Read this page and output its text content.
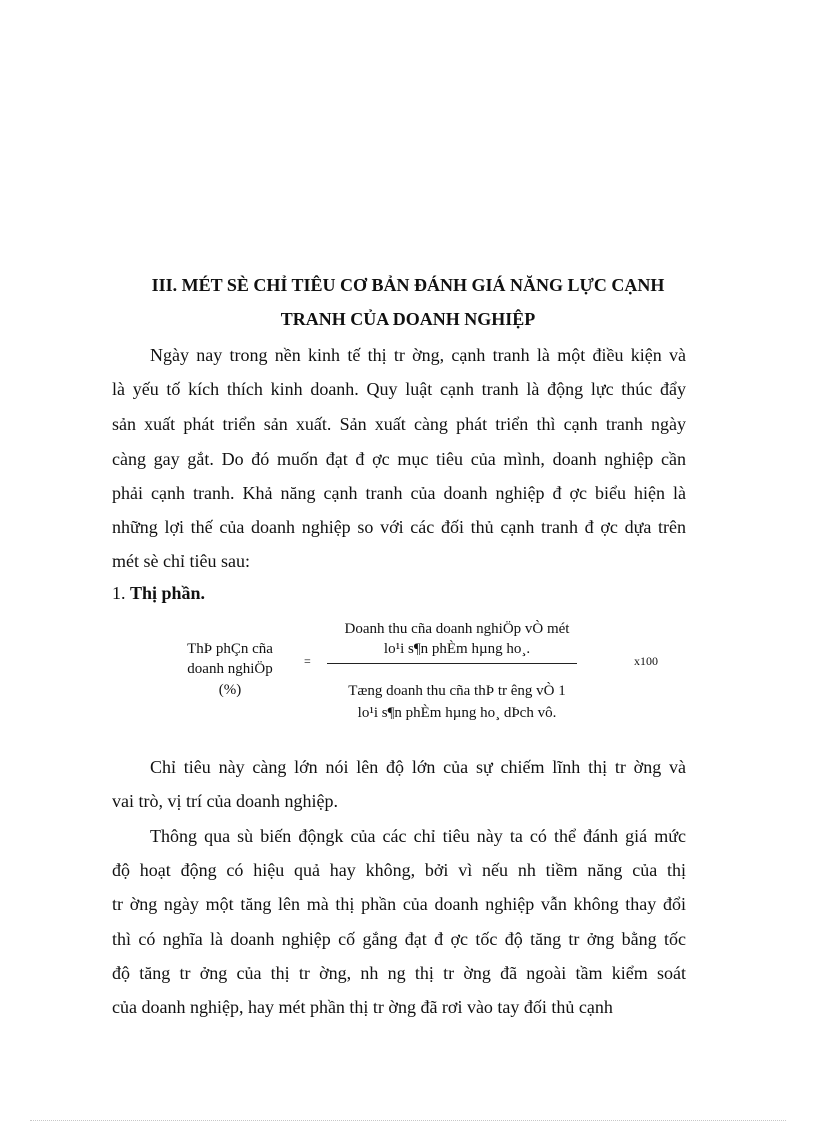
III. MÉT SÈ CHỈ TIÊU CƠ BẢN ĐÁNH GIÁ NĂNG LỰC CẠNH
TRANH CỦA DOANH NGHIỆP
Ngày nay trong nền kinh tế thị tr ờng, cạnh tranh là một điều kiện và
là yếu tố kích thích kinh doanh. Quy luật cạnh tranh là động lực thúc đẩy
sản xuất phát triển sản xuất. Sản xuất càng phát triển thì cạnh tranh ngày
càng gay gắt. Do đó muốn đạt đ ợc mục tiêu của mình, doanh nghiệp cần
phải cạnh tranh. Khả năng cạnh tranh của doanh nghiệp đ ợc biểu hiện là
những lợi thế của doanh nghiệp so với các đối thủ cạnh tranh đ ợc dựa trên
mét sè chỉ tiêu sau:
1. Thị phần.
ThÞ phÇn cña
doanh nghiÖp
(%)
=
Doanh thu cña doanh nghiÖp vÒ mét
lo¹i s¶n phÈm hµng ho¸.
Tæng doanh thu cña thÞ tr êng vÒ 1
lo¹i s¶n phÈm hµng ho¸ dÞch vô.
x100
Chỉ tiêu này càng lớn nói lên độ lớn của sự chiếm lĩnh thị tr ờng và
vai trò, vị trí của doanh nghiệp.
Thông qua sù biến độngk của các chỉ tiêu này ta có thể đánh giá mức
độ hoạt động có hiệu quả hay không, bởi vì nếu nh tiềm năng của thị
tr ờng ngày một tăng lên mà thị phần của doanh nghiệp vẫn không thay đổi
thì có nghĩa là doanh nghiệp cố gắng đạt đ ợc tốc độ tăng tr ởng bằng tốc
độ tăng tr ởng của thị tr ờng, nh ng thị tr ờng đã ngoài tầm kiểm soát
của doanh nghiệp, hay mét phần thị tr ờng đã rơi vào tay đối thủ cạnh
